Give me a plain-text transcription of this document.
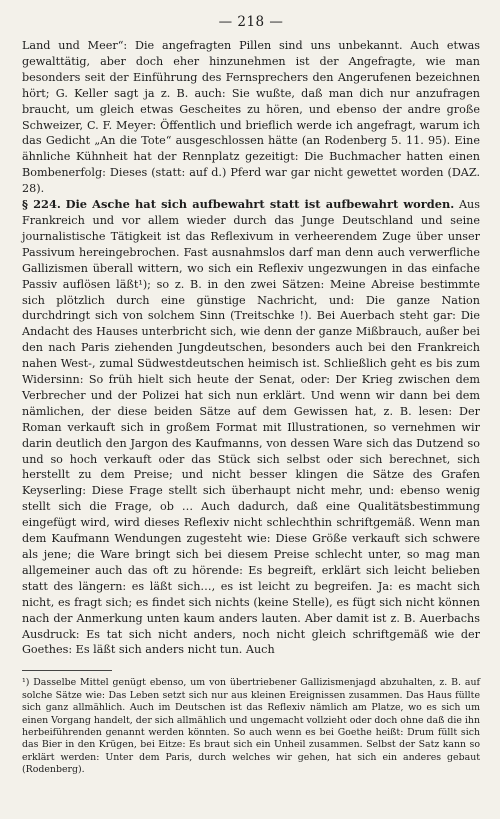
— 218 —

Land und Meer“: Die angefragten Pillen sind uns unbekannt. Auch etwas gewalttätig, aber doch eher hinzunehmen ist der Angefragte, wie man besonders seit der Einführung des Fernsprechers den Angerufenen bezeichnen hört; G. Keller sagt ja z. B. auch: Sie wußte, daß man dich nur anzufragen braucht, um gleich etwas Gescheites zu hören, und ebenso der andre große Schweizer, C. F. Meyer: Öffentlich und brieflich werde ich angefragt, warum ich das Gedicht „An die Tote“ ausgeschlossen hätte (an Rodenberg 5. 11. 95). Eine ähnliche Kühnheit hat der Rennplatz gezeitigt: Die Buchmacher hatten einen Bombenerfolg: Dieses (statt: auf d.) Pferd war gar nicht gewettet worden (DAZ. 28).

§ 224. Die Asche hat sich aufbewahrt statt ist aufbewahrt worden. Aus Frankreich und vor allem wieder durch das Junge Deutschland und seine journalistische Tätigkeit ist das Reflexivum in verheerendem Zuge über unser Passivum hereingebrochen. Fast ausnahmslos darf man denn auch verwerfliche Gallizismen überall wittern, wo sich ein Reflexiv ungezwungen in das einfache Passiv auflösen läßt¹); so z. B. in den zwei Sätzen: Meine Abreise bestimmte sich plötzlich durch eine günstige Nachricht, und: Die ganze Nation durchdringt sich von solchem Sinn (Treitschke !). Bei Auerbach steht gar: Die Andacht des Hauses unterbricht sich, wie denn der ganze Mißbrauch, außer bei den nach Paris ziehenden Jungdeutschen, besonders auch bei den Frankreich nahen West-, zumal Südwestdeutschen heimisch ist. Schließlich geht es bis zum Widersinn: So früh hielt sich heute der Senat, oder: Der Krieg zwischen dem Verbrecher und der Polizei hat sich nun erklärt. Und wenn wir dann bei dem nämlichen, der diese beiden Sätze auf dem Gewissen hat, z. B. lesen: Der Roman verkauft sich in großem Format mit Illustrationen, so vernehmen wir darin deutlich den Jargon des Kaufmanns, von dessen Ware sich das Dutzend so und so hoch verkauft oder das Stück sich selbst oder sich berechnet, sich herstellt zu dem Preise; und nicht besser klingen die Sätze des Grafen Keyserling: Diese Frage stellt sich überhaupt nicht mehr, und: ebenso wenig stellt sich die Frage, ob … Auch dadurch, daß eine Qualitätsbestimmung eingefügt wird, wird dieses Reflexiv nicht schlechthin schriftgemäß. Wenn man dem Kaufmann Wendungen zugesteht wie: Diese Größe verkauft sich schwere als jene; die Ware bringt sich bei diesem Preise schlecht unter, so mag man allgemeiner auch das oft zu hörende: Es begreift, erklärt sich leicht belieben statt des längern: es läßt sich…, es ist leicht zu begreifen. Ja: es macht sich nicht, es fragt sich; es findet sich nichts (keine Stelle), es fügt sich nicht können nach der Anmerkung unten kaum anders lauten. Aber damit ist z. B. Auerbachs Ausdruck: Es tat sich nicht anders, noch nicht gleich schriftgemäß wie der Goethes: Es läßt sich anders nicht tun. Auch

¹) Dasselbe Mittel genügt ebenso, um von übertriebener Gallizismenjagd abzuhalten, z. B. auf solche Sätze wie: Das Leben setzt sich nur aus kleinen Ereignissen zusammen. Das Haus füllte sich ganz allmählich. Auch im Deutschen ist das Reflexiv nämlich am Platze, wo es sich um einen Vorgang handelt, der sich allmählich und ungemacht vollzieht oder doch ohne daß die ihn herbeiführenden genannt werden könnten. So auch wenn es bei Goethe heißt: Drum füllt sich das Bier in den Krügen, bei Eitze: Es braut sich ein Unheil zusammen. Selbst der Satz kann so erklärt werden: Unter dem Paris, durch welches wir gehen, hat sich ein anderes gebaut (Rodenberg).
